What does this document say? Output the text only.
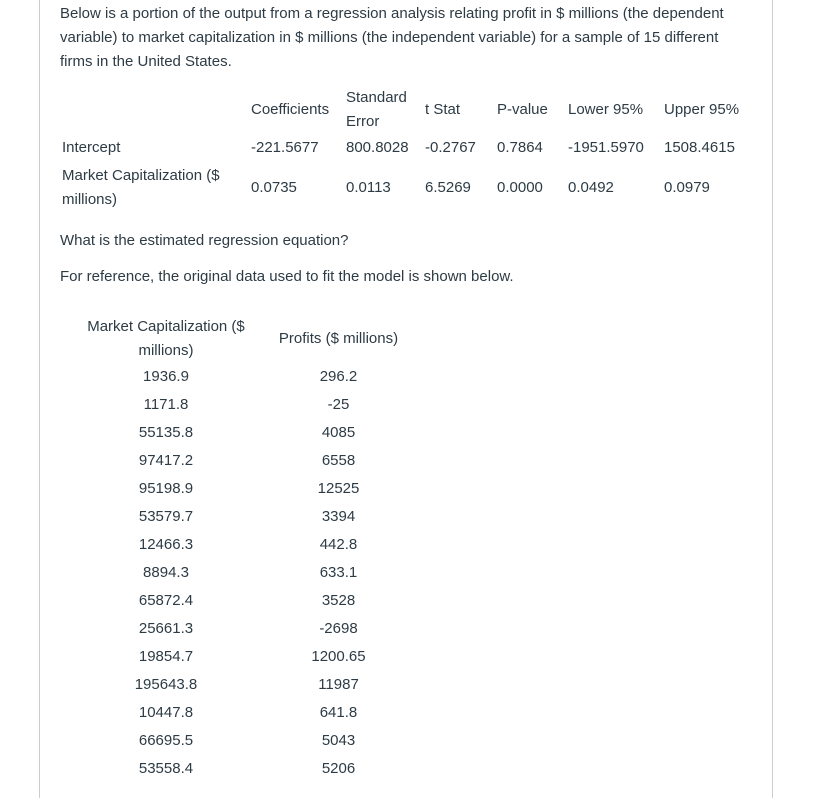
Below is a portion of the output from a regression analysis relating profit in $ millions (the dependent variable) to market capitalization in $ millions (the independent variable) for a sample of 15 different firms in the United States.

	Coefficients	Standard Error	t Stat	P-value	Lower 95%	Upper 95%
Intercept	-221.5677	800.8028	-0.2767	0.7864	-1951.5970	1508.4615
Market Capitalization ($ millions)	0.0735	0.0113	6.5269	0.0000	0.0492	0.0979

What is the estimated regression equation?

For reference, the original data used to fit the model is shown below.

Market Capitalization ($ millions)	Profits ($ millions)
1936.9	296.2
1171.8	-25
55135.8	4085
97417.2	6558
95198.9	12525
53579.7	3394
12466.3	442.8
8894.3	633.1
65872.4	3528
25661.3	-2698
19854.7	1200.65
195643.8	11987
10447.8	641.8
66695.5	5043
53558.4	5206
